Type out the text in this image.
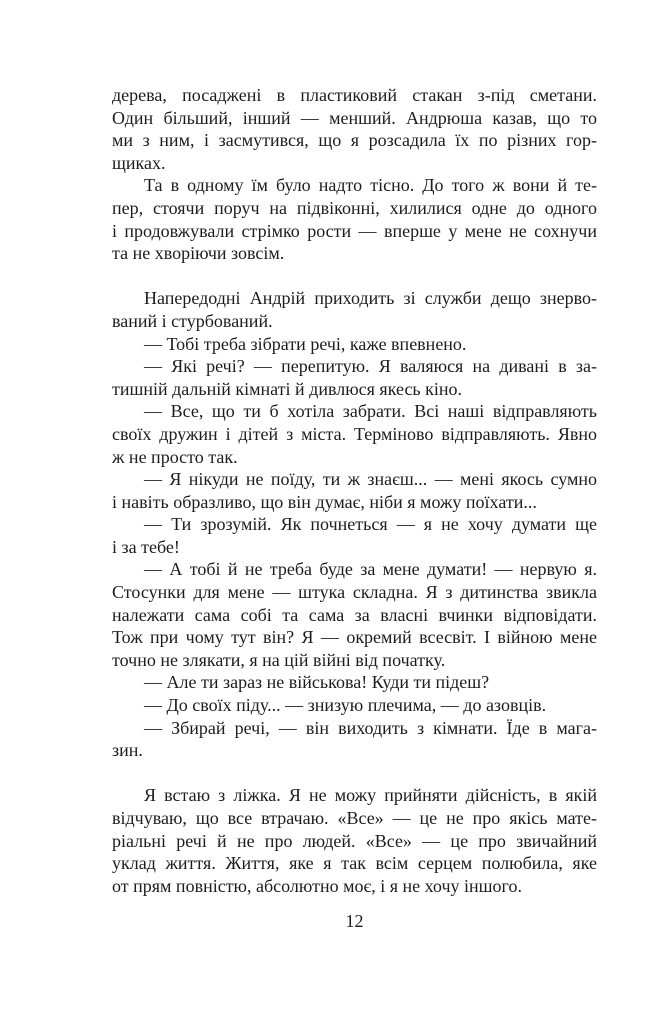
дерева, посаджені в пластиковий стакан з-під сметани.
Один більший, інший — менший. Андрюша казав, що то
ми з ним, і засмутився, що я розсадила їх по різних гор-
щиках.
Та в одному їм було надто тісно. До того ж вони й те-
пер, стоячи поруч на підвіконні, хилилися одне до одного
і продовжували стрімко рости — вперше у мене не сохнучи
та не хворіючи зовсім.
Напередодні Андрій приходить зі служби дещо знерво-
ваний і стурбований.
— Тобі треба зібрати речі, каже впевнено.
— Які речі? — перепитую. Я валяюся на дивані в за-
тишній дальній кімнаті й дивлюся якесь кіно.
— Все, що ти б хотіла забрати. Всі наші відправляють
своїх дружин і дітей з міста. Терміново відправляють. Явно
ж не просто так.
— Я нікуди не поїду, ти ж знаєш... — мені якось сумно
і навіть образливо, що він думає, ніби я можу поїхати...
— Ти зрозумій. Як почнеться — я не хочу думати ще
і за тебе!
— А тобі й не треба буде за мене думати! — нервую я.
Стосунки для мене — штука складна. Я з дитинства звикла
належати сама собі та сама за власні вчинки відповідати.
Тож при чому тут він? Я — окремий всесвіт. І війною мене
точно не злякати, я на цій війні від початку.
— Але ти зараз не військова! Куди ти підеш?
— До своїх піду... — знизую плечима, — до азовців.
— Збирай речі, — він виходить з кімнати. Їде в мага-
зин.
Я встаю з ліжка. Я не можу прийняти дійсність, в якій
відчуваю, що все втрачаю. «Все» — це не про якісь мате-
ріальні речі й не про людей. «Все» — це про звичайний
уклад життя. Життя, яке я так всім серцем полюбила, яке
от прям повністю, абсолютно моє, і я не хочу іншого.
12
